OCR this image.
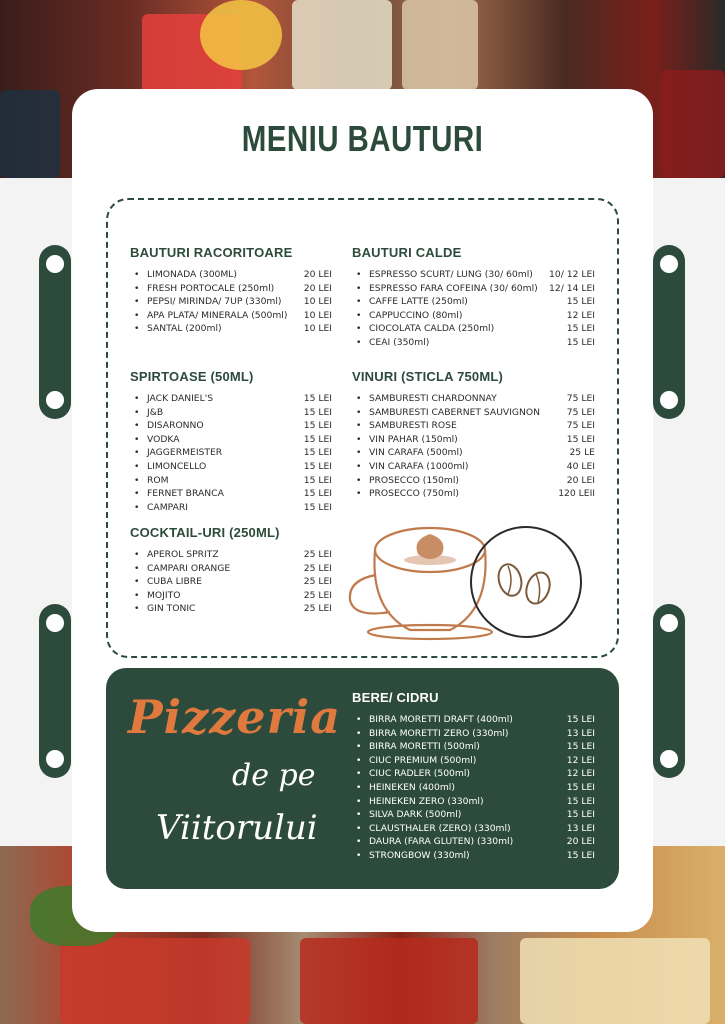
MENIU BAUTURI
BAUTURI RACORITOARE
• LIMONADA (300ML)	20 LEI
• FRESH PORTOCALE (250ml)	20 LEI
• PEPSI/ MIRINDA/ 7UP (330ml) 10 LEI
• APA PLATA/ MINERALA (500ml) 10 LEI
• SANTAL (200ml)	10 LEI
BAUTURI CALDE
• ESPRESSO SCURT/ LUNG (30/ 60ml) 10/ 12 LEI
• ESPRESSO FARA COFEINA (30/ 60ml) 12/ 14 LEI
• CAFFE LATTE (250ml)	15 LEI
• CAPPUCCINO (80ml)	12 LEI
• CIOCOLATA CALDA (250ml)	15 LEI
• CEAI (350ml)	15 LEI
SPIRTOASE (50ML)
• JACK DANIEL'S	15 LEI
• J&B	15 LEI
• DISARONNO	15 LEI
• VODKA	15 LEI
• JAGGERMEISTER	15 LEI
• LIMONCELLO	15 LEI
• ROM	15 LEI
• FERNET BRANCA	15 LEI
• CAMPARI	15 LEI
VINURI (STICLA 750ML)
• SAMBURESTI CHARDONNAY	75 LEI
• SAMBURESTI CABERNET SAUVIGNON	75 LEI
• SAMBURESTI ROSE	75 LEI
• VIN PAHAR (150ml)	15 LEI
• VIN CARAFA (500ml)	25 LE
• VIN CARAFA (1000ml)	40 LEI
• PROSECCO (150ml)	20 LEI
• PROSECCO (750ml)	120 LEII
COCKTAIL-URI (250ML)
• APEROL SPRITZ	25 LEI
• CAMPARI ORANGE	25 LEI
• CUBA LIBRE	25 LEI
• MOJITO	25 LEI
• GIN TONIC	25 LEI
Pizzeria
de pe
Viitorului
BERE/ CIDRU
• BIRRA MORETTI DRAFT (400ml)	15 LEI
• BIRRA MORETTI ZERO (330ml)	13 LEI
• BIRRA MORETTI (500ml)	15 LEI
• CIUC PREMIUM (500ml)	12 LEI
• CIUC RADLER (500ml)	12 LEI
• HEINEKEN (400ml)	15 LEI
• HEINEKEN ZERO (330ml)	15 LEI
• SILVA DARK (500ml)	15 LEI
• CLAUSTHALER (ZERO) (330ml)	13 LEI
• DAURA (FARA GLUTEN) (330ml)	20 LEI
• STRONGBOW (330ml)	15 LEI
